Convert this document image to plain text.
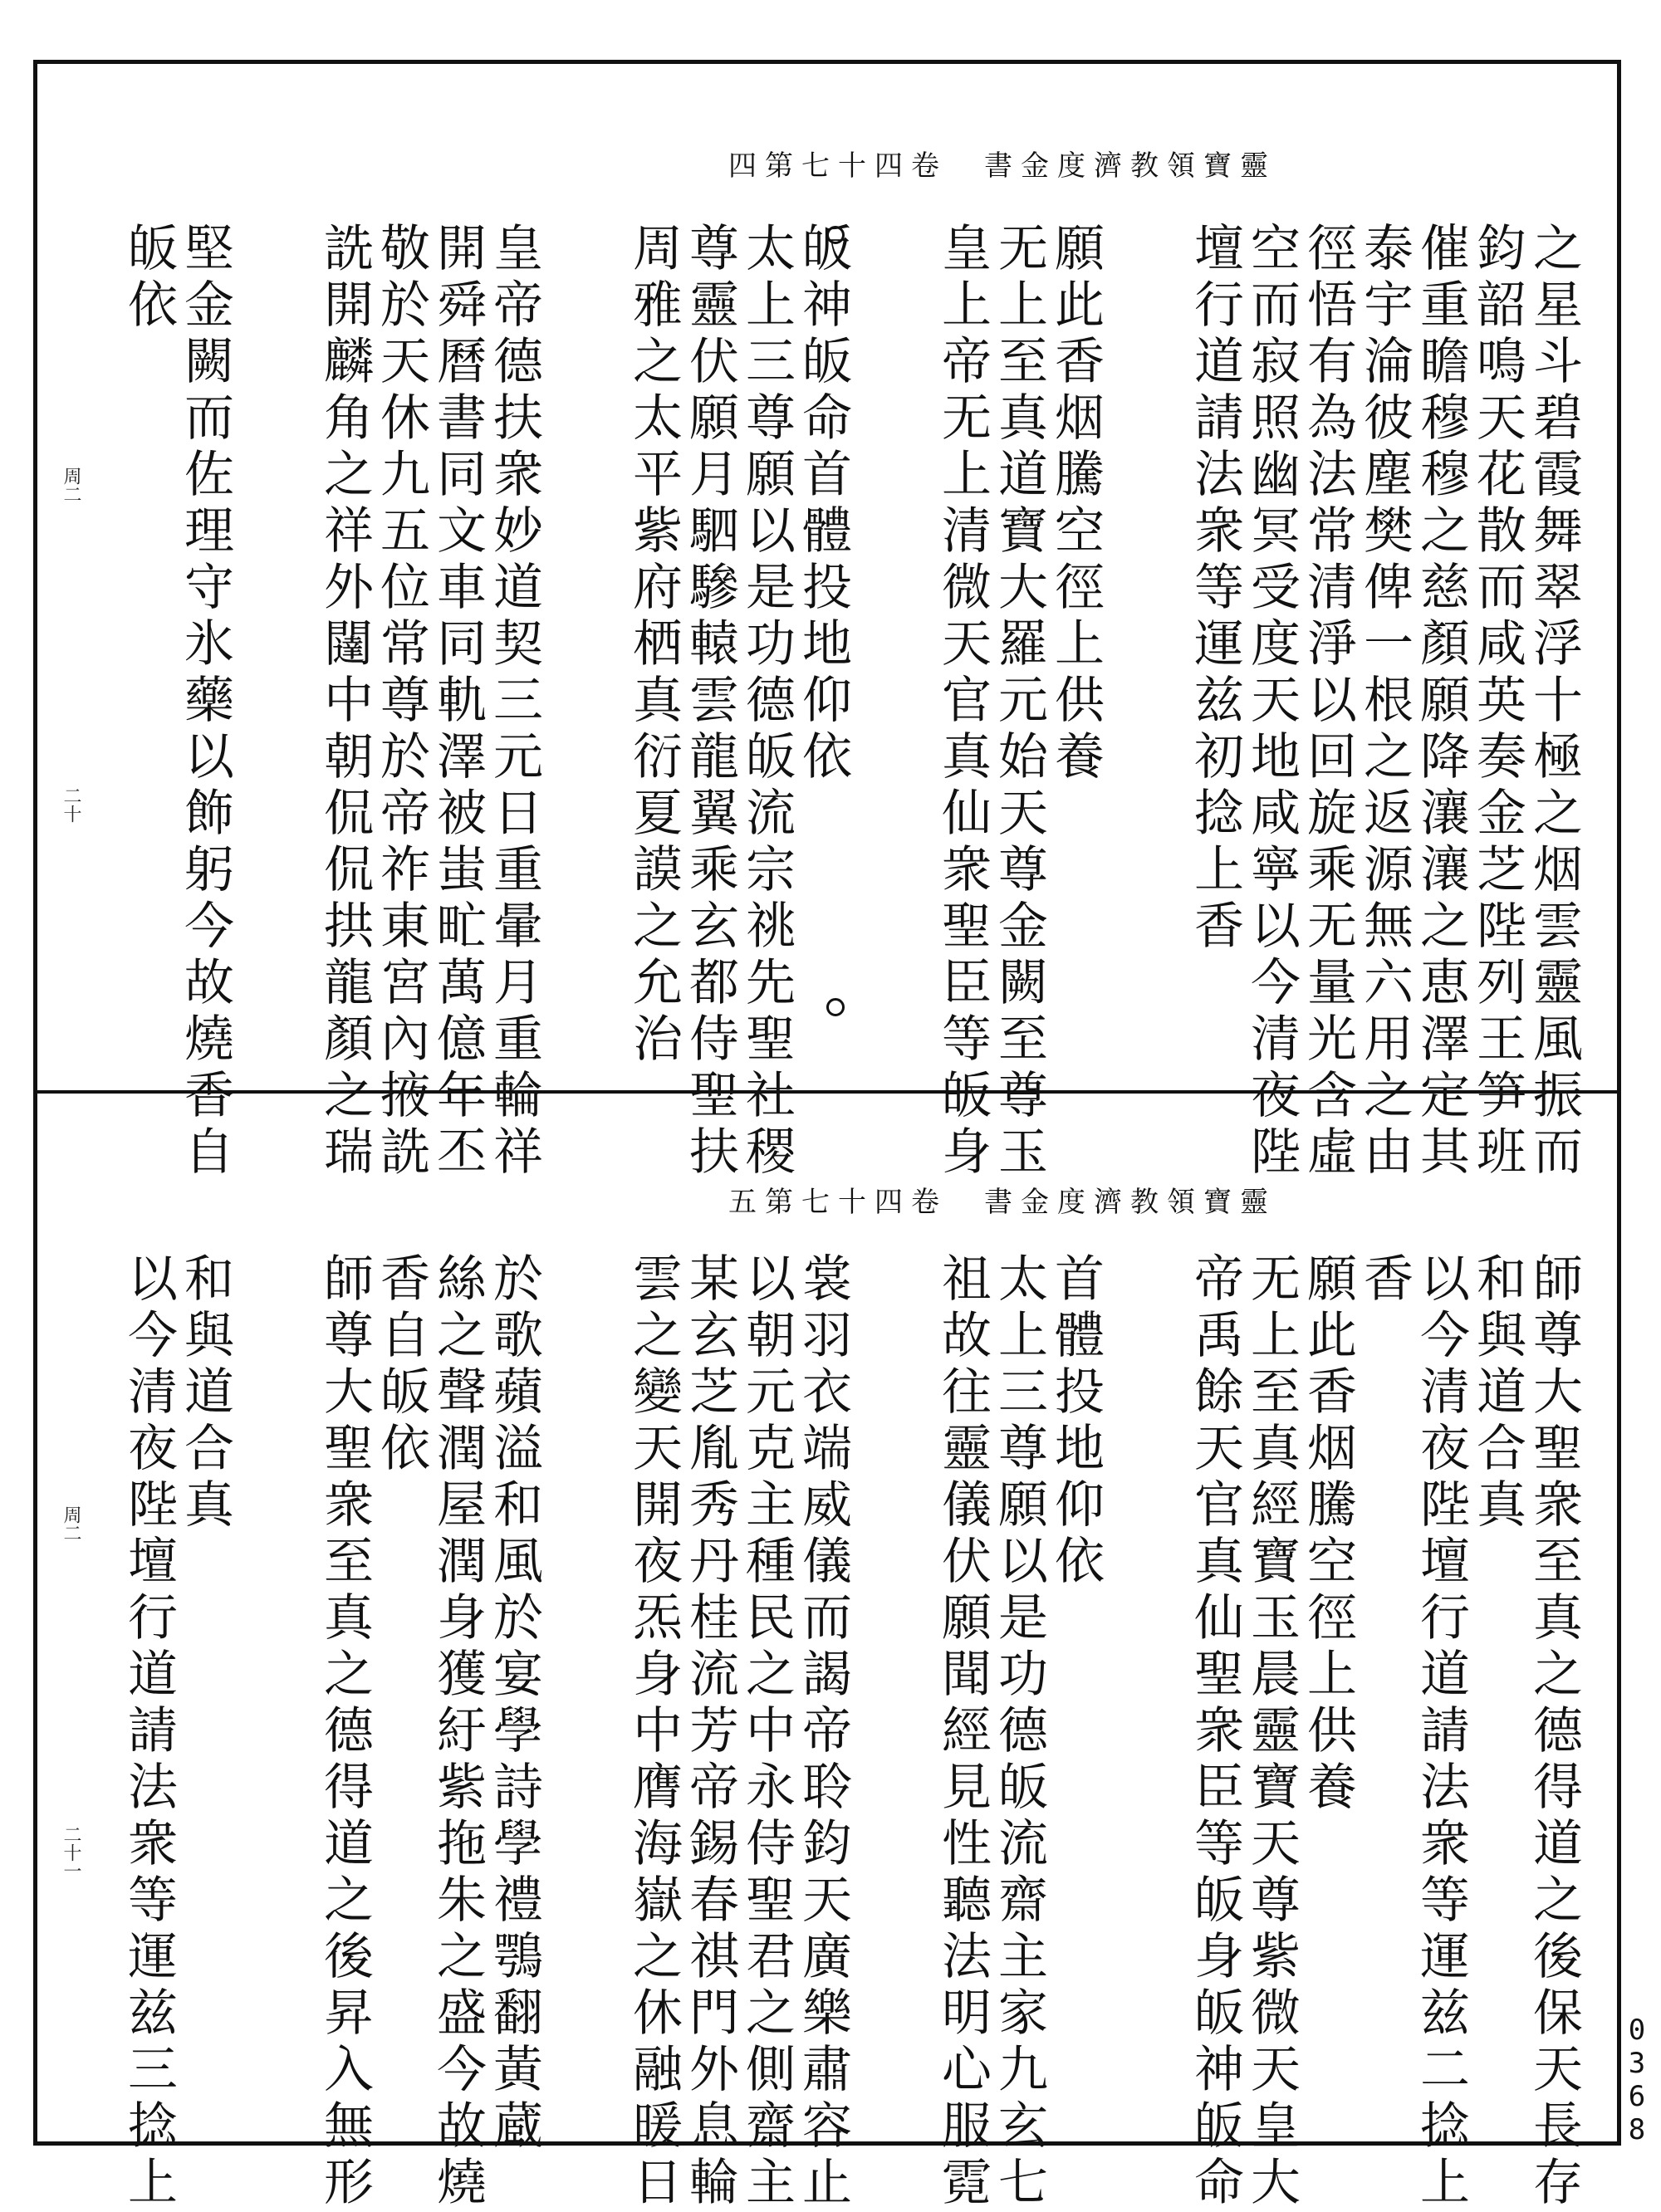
靈寶領教濟度金書　卷四十七第四
之星斗碧霞舞翠浮十極之烟雲靈風振而
鈞韶鳴天花散而咸英奏金芝陛列王笋班
催重瞻穆穆之慈顏願降瀼瀼之恵澤定其
泰宇淪彼塵樊俾一根之返源無六用之由
徑悟有為法常清淨以回旋乘无量光含虛
空而寂照幽冥受度天地咸寧以今清夜陛
壇行道請法衆等運兹初捻上香
願此香烟騰空徑上供養
无上至真道寶大羅元始天尊金闕至尊玉
皇上帝无上清微天官真仙衆聖臣等皈身
皈神皈命首體投地仰依
太上三尊願以是功德皈流宗祧先聖社稷
尊靈伏願月駟驂轅雲龍翼乘玄都侍聖扶
周雅之太平紫府栖真衍夏謨之允治
皇帝德扶衆妙道契三元日重暈月重輪祥
開舜曆書同文車同軌澤被蚩甿萬億年丕
敬於天休九五位常尊於帝祚東宮內掖詵
詵開麟角之祥外闥中朝侃侃拱龍顏之瑞
堅金闕而佐理守氷藥以飾躬今故燒香自
皈依
周二
二十
靈寶領教濟度金書　卷四十七第五
師尊大聖衆至真之德得道之後保天長存
和與道合真
以今清夜陛壇行道請法衆等運兹二捻上
香
願此香烟騰空徑上供養
无上至真經寶玉晨靈寶天尊紫微天皇大
帝禹餘天官真仙聖衆臣等皈身皈神皈命
首體投地仰依
太上三尊願以是功德皈流齋主家九玄七
祖故往靈儀伏願聞經見性聽法明心服霓
裳羽衣端威儀而謁帝聆鈞天廣樂肅容止
以朝元克主種民之中永侍聖君之側齋主
某玄芝胤秀丹桂流芳帝錫春祺門外息輪
雲之變天開夜炁身中膺海嶽之休融暖日
於歌蘋溢和風於宴學詩學禮鶚翻黃蔵
絲之聲潤屋潤身獲紆紫拖朱之盛今故燒
香自皈依
師尊大聖衆至真之德得道之後昇入無形
和與道合真
以今清夜陛壇行道請法衆等運兹三捻上
周二
二十一
0368
